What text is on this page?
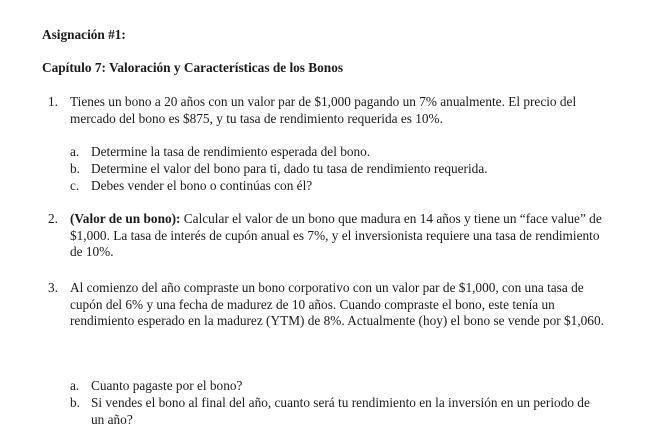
Asignación #1:
Capítulo 7: Valoración y Características de los Bonos
1. Tienes un bono a 20 años con un valor par de $1,000 pagando un 7% anualmente. El precio del mercado del bono es $875, y tu tasa de rendimiento requerida es 10%.
a. Determine la tasa de rendimiento esperada del bono.
b. Determine el valor del bono para ti, dado tu tasa de rendimiento requerida.
c. Debes vender el bono o continúas con él?
2. (Valor de un bono): Calcular el valor de un bono que madura en 14 años y tiene un “face value” de $1,000. La tasa de interés de cupón anual es 7%, y el inversionista requiere una tasa de rendimiento de 10%.
3. Al comienzo del año compraste un bono corporativo con un valor par de $1,000, con una tasa de cupón del 6% y una fecha de madurez de 10 años. Cuando compraste el bono, este tenía un rendimiento esperado en la madurez (YTM) de 8%. Actualmente (hoy) el bono se vende por $1,060.
a. Cuanto pagaste por el bono?
b. Si vendes el bono al final del año, cuanto será tu rendimiento en la inversión en un periodo de un año?
